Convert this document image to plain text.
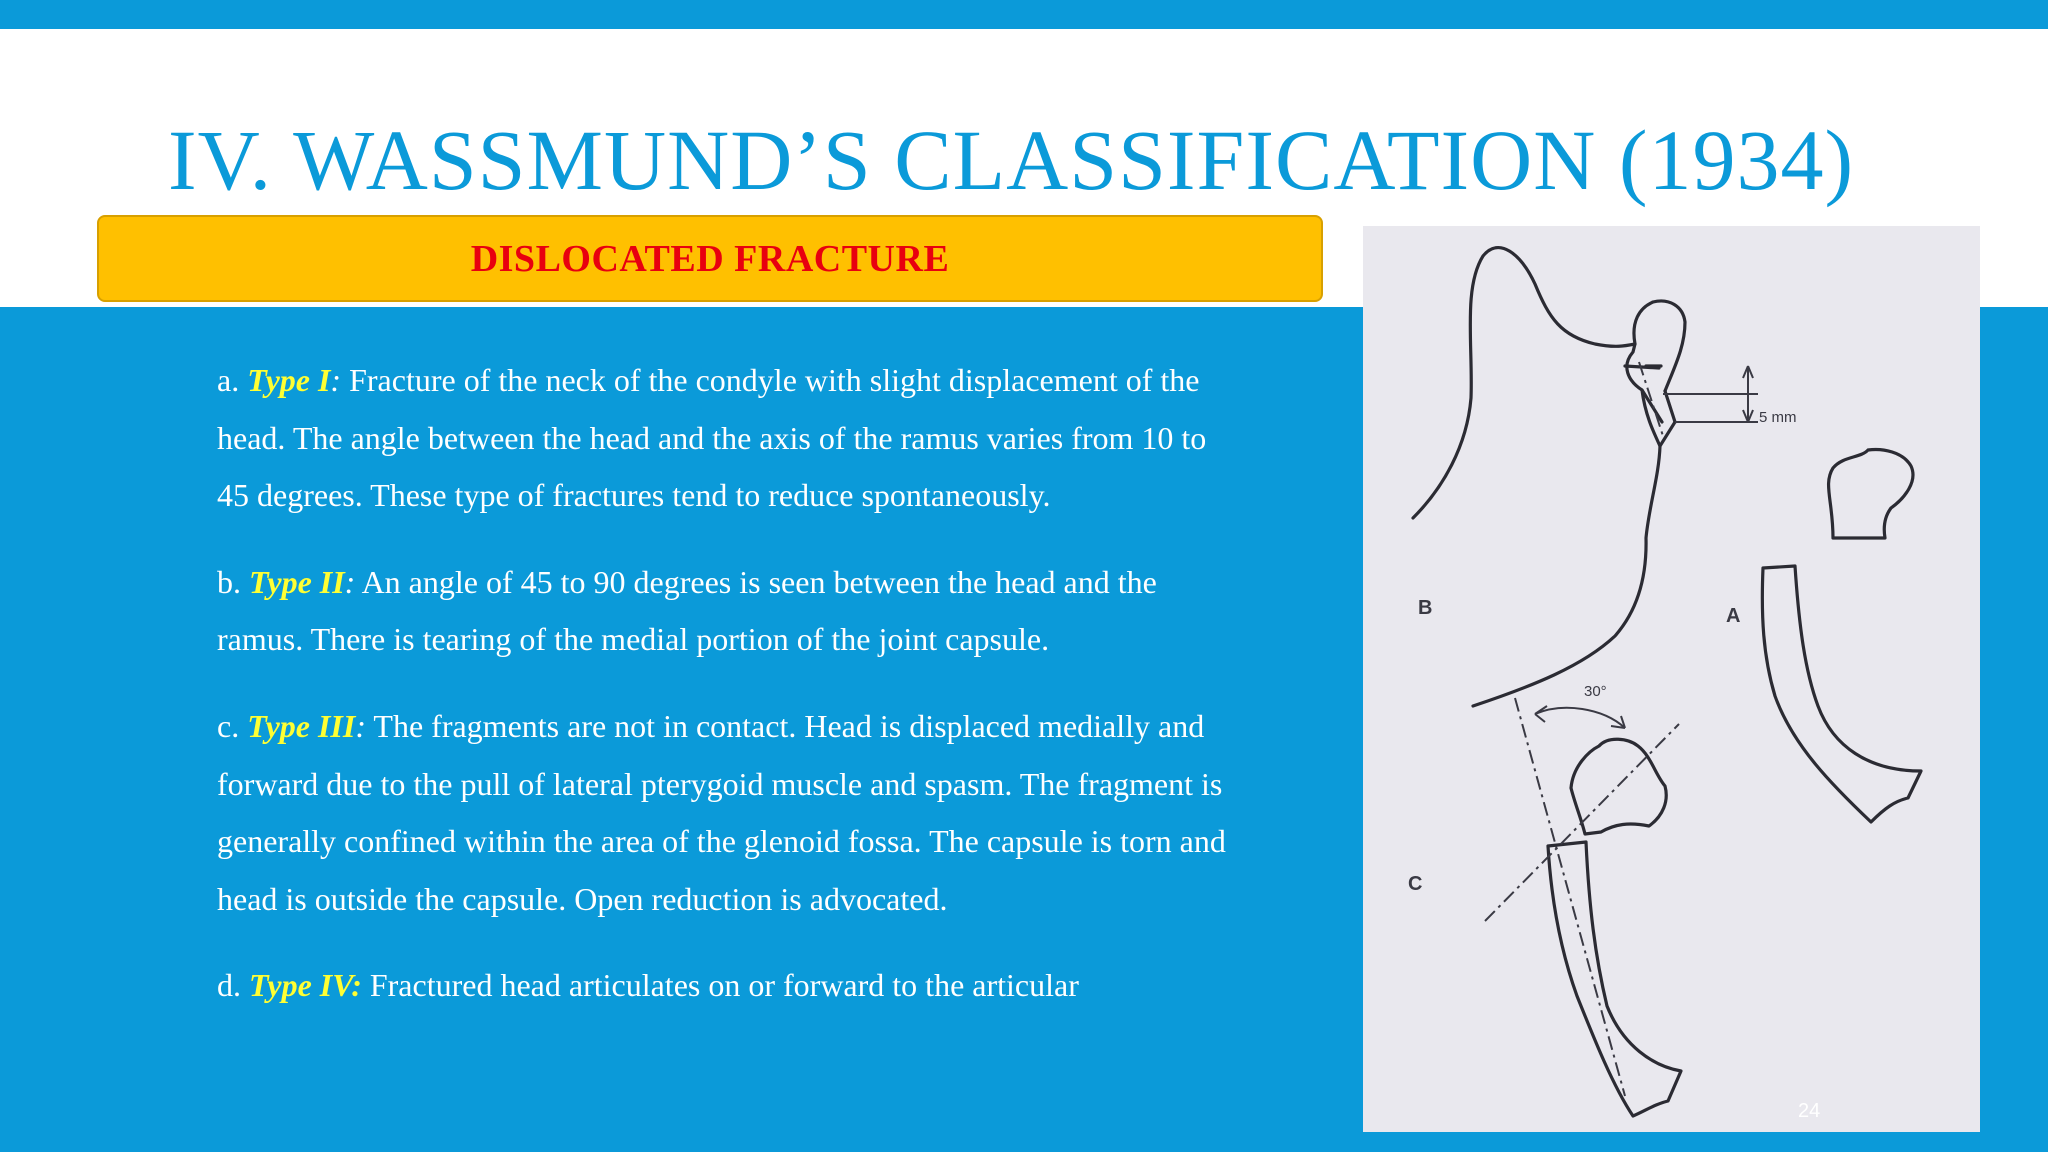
IV. WASSMUND’S CLASSIFICATION (1934)
DISLOCATED FRACTURE

a. Type I: Fracture of the neck of the condyle with slight displacement of the head. The angle between the head and the axis of the ramus varies from 10 to 45 degrees. These type of fractures tend to reduce spontaneously.

b. Type II: An angle of 45 to 90 degrees is seen between the head and the ramus. There is tearing of the medial portion of the joint capsule.

c. Type III: The fragments are not in contact. Head is displaced medially and forward due to the pull of lateral pterygoid muscle and spasm. The fragment is generally confined within the area of the glenoid fossa. The capsule is torn and head is outside the capsule. Open reduction is advocated.

d. Type IV: Fractured head articulates on or forward to the articular

5 mm
30°
B	A
C
24
